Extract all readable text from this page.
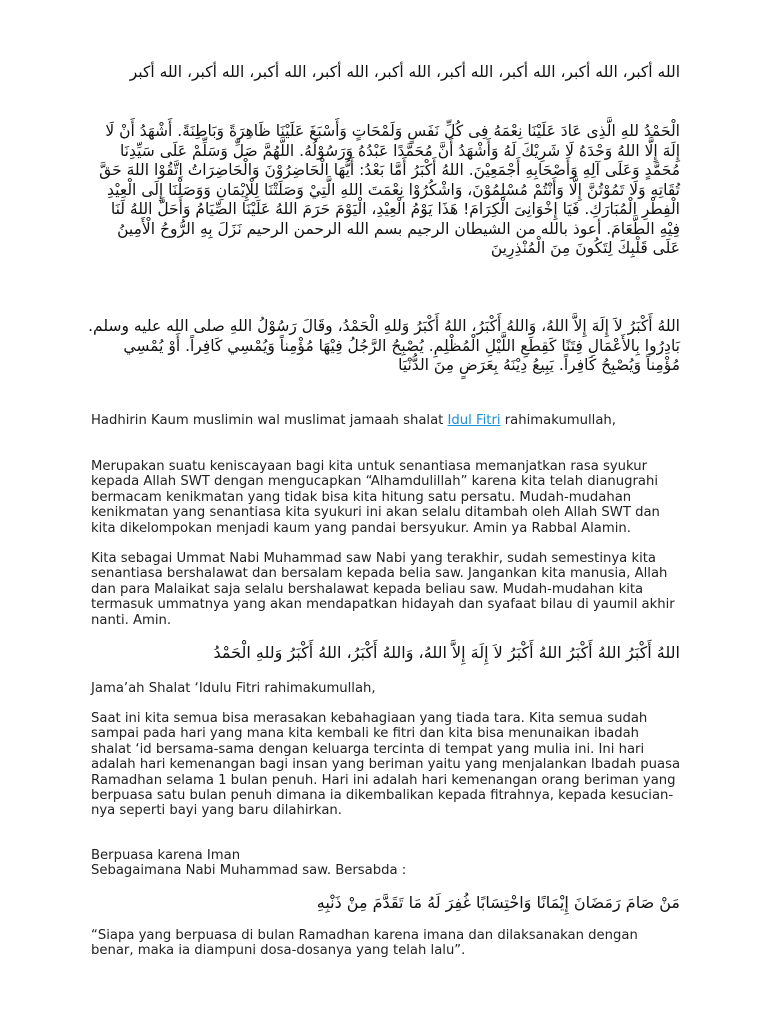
الله أكبر، الله أكبر، الله أكبر، الله أكبر، الله أكبر، الله أكبر، الله أكبر، الله أكبر، الله أكبر
الْحَمْدُ للهِ الَّذِى عَادَ عَلَيْنَا نِعْمَهُ فِى كُلِّ نَفَسٍ وَلَمْحَاتٍ وَأَسْبَغَ عَلَيْنَا ظَاهِرَةً وَبَاطِنَةً. أَشْهَدُ أَنْ لَا إِلَهَ إِلَّا اللهُ وَحْدَهُ لَا شَرِيْكَ لَهُ وَأَشْهَدُ أَنَّ مُحَمَّدًا عَبْدُهُ وَرَسُوْلُهُ. اللَّهُمَّ صَلِّ وَسَلِّمْ عَلَى سَيِّدِنَا مُحَمَّدٍ وَعَلَى آلِهِ وَأَصْحَابِهِ أَجْمَعِيْنَ. اللهُ أَكْبَرُ أَمَّا بَعْدُ: أَيُّهَا الْحَاضِرُوْنَ وَالْحَاضِرَاتُ اِتَّقُوْا اللهَ حَقَّ تُقَاتِهِ وَلَا تَمُوْتُنَّ إِلَّا وَأَنْتُمْ مُسْلِمُوْنَ، وَاشْكُرُوْا نِعْمَتَ اللهِ الَّتِيْ وَصَلَتْنَا لِلْإِيْمَانِ وَوَصَلْنَا إِلَى الْعِيْدِ الْفِطْرِ الْمُبَارَكِ. فَيَا إِخْوَانِىَ الْكِرَامَ! هَذَا يَوْمُ الْعِيْدِ، الْيَوْمَ حَرَمَ اللهُ عَلَيْنَا الصِّيَامُ وَأَحَلَّ اللهُ لَنَا فِيْهِ الطَّعَامَ. أعوذ بالله من الشيطان الرجيم بسم الله الرحمن الرحيم نَزَلَ بِهِ الرُّوحُ الْأَمِينُ عَلَى قَلْبِكَ لِتَكُونَ مِنَ الْمُنْذِرِينَ
اللهُ أَكْبَرُ لاَ إِلَهَ إِلاَّ اللهُ، وَاللهُ أَكْبَرُ، اللهُ أَكْبَرُ وَللهِ الْحَمْدُ، وقَالَ رَسُوْلُ اللهِ صلى الله عليه وسلم. بَادِرُوا بِالأَعْمَالِ فِتَنًا كَقِطَعِ اللَّيْلِ الْمُظْلِمِ. يُصْبِحُ الرَّجُلُ فِيْهَا مُؤْمِناً وَيُمْسِي كَافِراً. أَوْ يُمْسِي مُؤْمِناً وَيُصْبِحُ كَافِراً. يَبِيعُ دِيْنَهُ بِعَرَضٍ مِنَ الدُّنْيَا
Hadhirin Kaum muslimin wal muslimat jamaah shalat Idul Fitri rahimakumullah,
Merupakan suatu keniscayaan bagi kita untuk senantiasa memanjatkan rasa syukur kepada Allah SWT dengan mengucapkan “Alhamdulillah” karena kita telah dianugrahi bermacam kenikmatan yang tidak bisa kita hitung satu persatu. Mudah-mudahan kenikmatan yang senantiasa kita syukuri ini akan selalu ditambah oleh Allah SWT dan kita dikelompokan menjadi kaum yang pandai bersyukur. Amin ya Rabbal Alamin.
Kita sebagai Ummat Nabi Muhammad saw Nabi yang terakhir, sudah semestinya kita senantiasa bershalawat dan bersalam kepada belia saw. Jangankan kita manusia, Allah dan para Malaikat saja selalu bershalawat kepada beliau saw. Mudah-mudahan kita termasuk ummatnya yang akan mendapatkan hidayah dan syafaat bilau di yaumil akhir nanti. Amin.
اللهُ أَكْبَرُ اللهُ أَكْبَرُ اللهُ أَكْبَرُ لاَ إِلَهَ إِلاَّ اللهُ، وَاللهُ أَكْبَرُ، اللهُ أَكْبَرُ وَللهِ الْحَمْدُ
Jama’ah Shalat ‘Idulu Fitri rahimakumullah,
Saat ini kita semua bisa merasakan kebahagiaan yang tiada tara. Kita semua sudah sampai pada hari yang mana kita kembali ke fitri dan kita bisa menunaikan ibadah shalat ‘id bersama-sama dengan keluarga tercinta di tempat yang mulia ini. Ini hari adalah hari kemenangan bagi insan yang beriman yaitu yang menjalankan Ibadah puasa Ramadhan selama 1 bulan penuh. Hari ini adalah hari kemenangan orang beriman yang berpuasa satu bulan penuh dimana ia dikembalikan kepada fitrahnya, kepada kesuciannya seperti bayi yang baru dilahirkan.
Berpuasa karena Iman
Sebagaimana Nabi Muhammad saw. Bersabda :
مَنْ صَامَ رَمَضَانَ إِيْمَانًا وَاحْتِسَابًا غُفِرَ لَهُ مَا تَقَدَّمَ مِنْ ذَنْبِهِ
“Siapa yang berpuasa di bulan Ramadhan karena imana dan dilaksanakan dengan benar, maka ia diampuni dosa-dosanya yang telah lalu”.
